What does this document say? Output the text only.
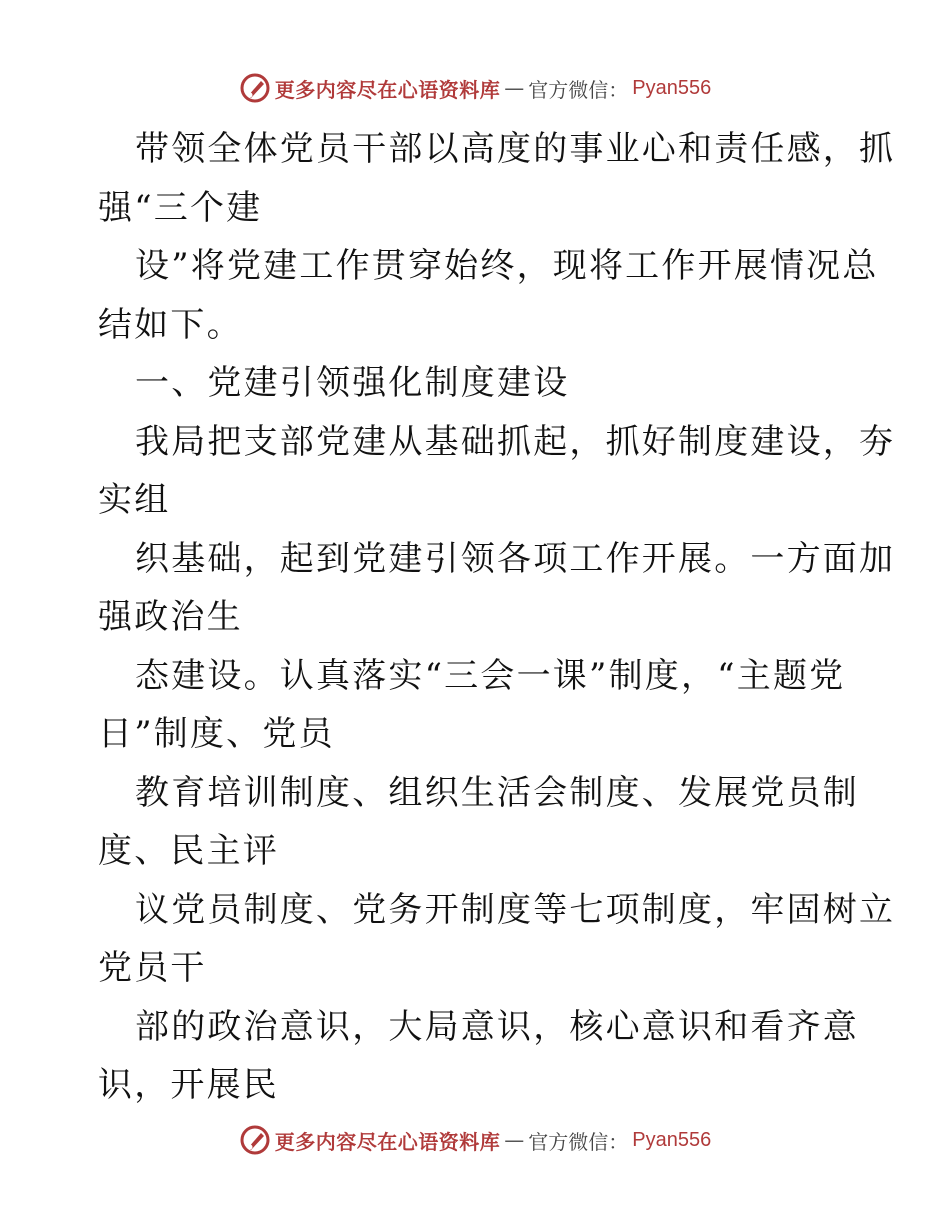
更多内容尽在心语资料库 — 官方微信： Pyan556
带领全体党员干部以高度的事业心和责任感，抓
强“三个建
设”将党建工作贯穿始终，现将工作开展情况总
结如下。
一、党建引领强化制度建设
我局把支部党建从基础抓起，抓好制度建设，夯
实组
织基础，起到党建引领各项工作开展。一方面加
强政治生
态建设。认真落实“三会一课”制度，“主题党
日”制度、党员
教育培训制度、组织生活会制度、发展党员制
度、民主评
议党员制度、党务开制度等七项制度，牢固树立
党员干
部的政治意识，大局意识，核心意识和看齐意
识，开展民
更多内容尽在心语资料库 — 官方微信： Pyan556
